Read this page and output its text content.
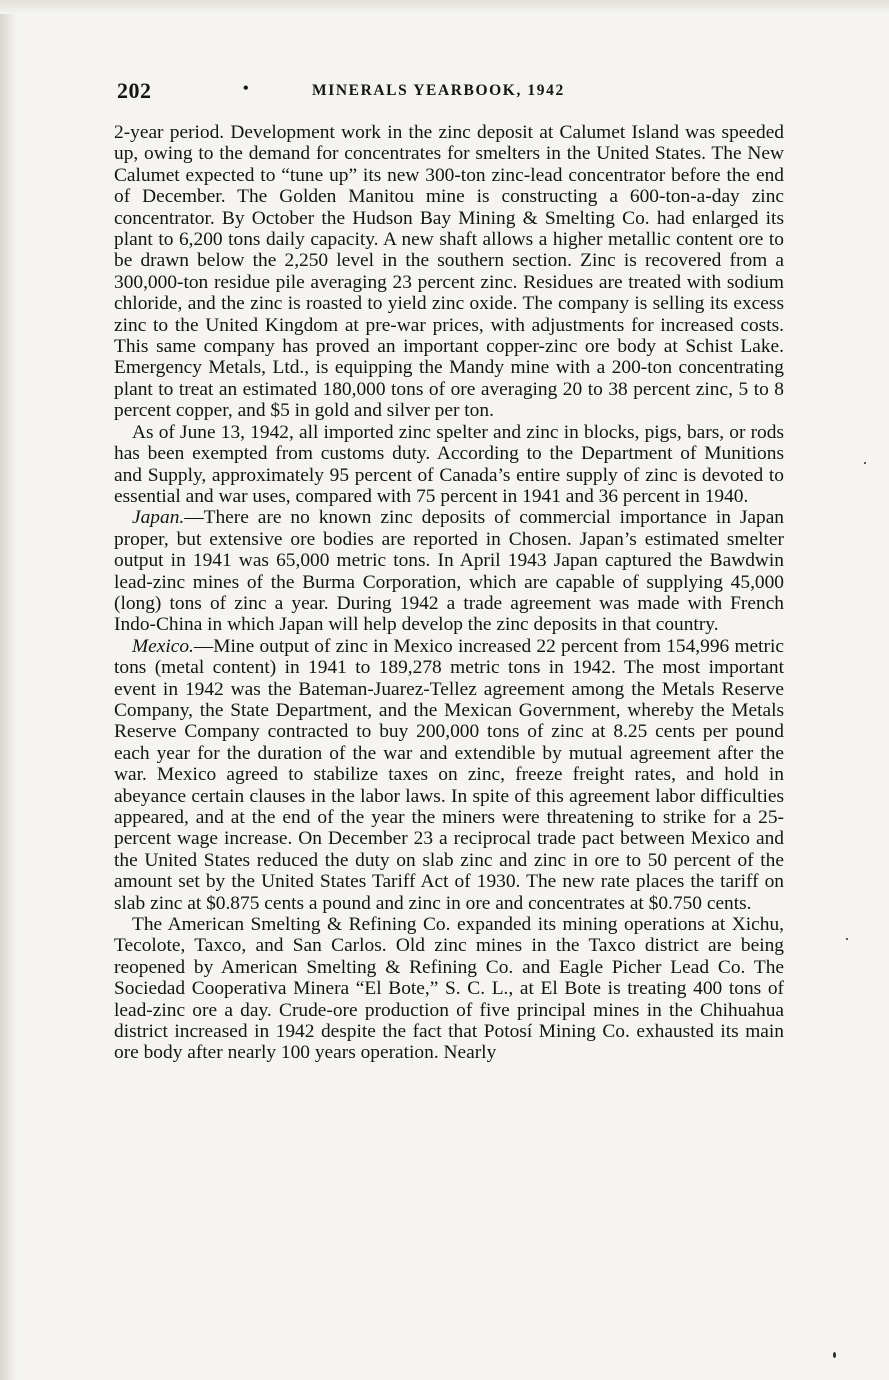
202	•	MINERALS YEARBOOK, 1942

2-year period. Development work in the zinc deposit at Calumet Island was speeded up, owing to the demand for concentrates for smelters in the United States. The New Calumet expected to “tune up” its new 300-ton zinc-lead concentrator before the end of December. The Golden Manitou mine is constructing a 600-ton-a-day zinc concentrator. By October the Hudson Bay Mining & Smelting Co. had enlarged its plant to 6,200 tons daily capacity. A new shaft allows a higher metallic content ore to be drawn below the 2,250 level in the southern section. Zinc is recovered from a 300,000-ton residue pile averaging 23 percent zinc. Residues are treated with sodium chloride, and the zinc is roasted to yield zinc oxide. The company is selling its excess zinc to the United Kingdom at pre-war prices, with adjustments for increased costs. This same company has proved an important copper-zinc ore body at Schist Lake. Emergency Metals, Ltd., is equipping the Mandy mine with a 200-ton concentrating plant to treat an estimated 180,000 tons of ore averaging 20 to 38 percent zinc, 5 to 8 percent copper, and $5 in gold and silver per ton.

As of June 13, 1942, all imported zinc spelter and zinc in blocks, pigs, bars, or rods has been exempted from customs duty. According to the Department of Munitions and Supply, approximately 95 percent of Canada’s entire supply of zinc is devoted to essential and war uses, compared with 75 percent in 1941 and 36 percent in 1940.

Japan.—There are no known zinc deposits of commercial importance in Japan proper, but extensive ore bodies are reported in Chosen. Japan’s estimated smelter output in 1941 was 65,000 metric tons. In April 1943 Japan captured the Bawdwin lead-zinc mines of the Burma Corporation, which are capable of supplying 45,000 (long) tons of zinc a year. During 1942 a trade agreement was made with French Indo-China in which Japan will help develop the zinc deposits in that country.

Mexico.—Mine output of zinc in Mexico increased 22 percent from 154,996 metric tons (metal content) in 1941 to 189,278 metric tons in 1942. The most important event in 1942 was the Bateman-Juarez-Tellez agreement among the Metals Reserve Company, the State Department, and the Mexican Government, whereby the Metals Reserve Company contracted to buy 200,000 tons of zinc at 8.25 cents per pound each year for the duration of the war and extendible by mutual agreement after the war. Mexico agreed to stabilize taxes on zinc, freeze freight rates, and hold in abeyance certain clauses in the labor laws. In spite of this agreement labor difficulties appeared, and at the end of the year the miners were threatening to strike for a 25-percent wage increase. On December 23 a reciprocal trade pact between Mexico and the United States reduced the duty on slab zinc and zinc in ore to 50 percent of the amount set by the United States Tariff Act of 1930. The new rate places the tariff on slab zinc at $0.875 cents a pound and zinc in ore and concentrates at $0.750 cents.

The American Smelting & Refining Co. expanded its mining operations at Xichu, Tecolote, Taxco, and San Carlos. Old zinc mines in the Taxco district are being reopened by American Smelting & Refining Co. and Eagle Picher Lead Co. The Sociedad Cooperativa Minera “El Bote,” S. C. L., at El Bote is treating 400 tons of lead-zinc ore a day. Crude-ore production of five principal mines in the Chihuahua district increased in 1942 despite the fact that Potosí Mining Co. exhausted its main ore body after nearly 100 years operation. Nearly
